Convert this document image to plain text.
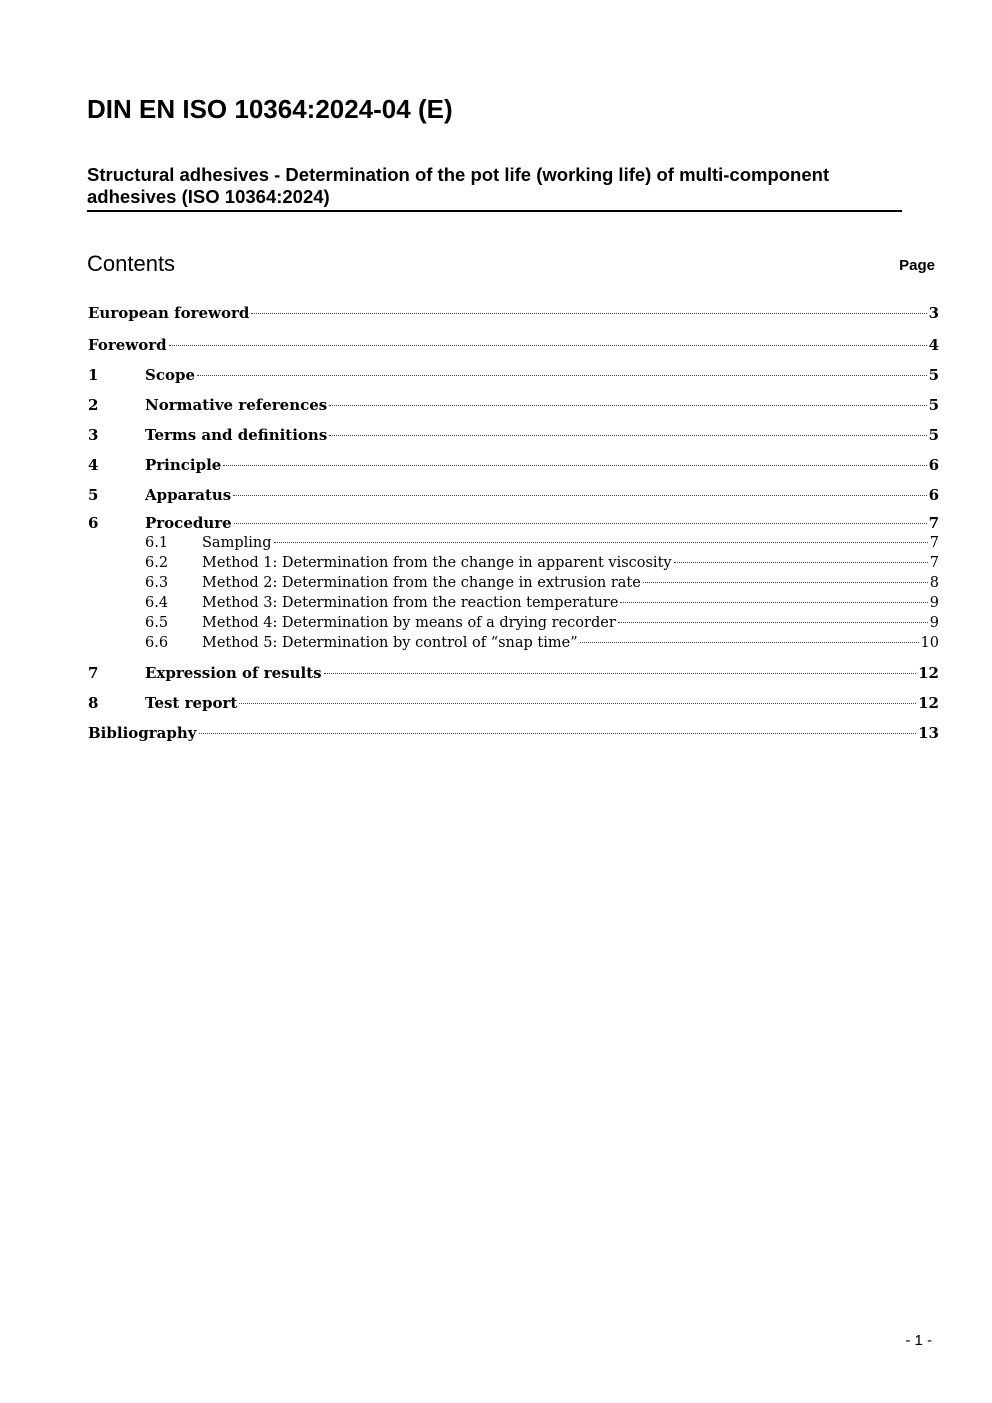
DIN EN ISO 10364:2024-04 (E)
Structural adhesives - Determination of the pot life (working life) of multi-component adhesives (ISO 10364:2024)
Contents	Page
European foreword	3
Foreword	4
1	Scope	5
2	Normative references	5
3	Terms and definitions	5
4	Principle	6
5	Apparatus	6
6	Procedure	7
6.1	Sampling	7
6.2	Method 1: Determination from the change in apparent viscosity	7
6.3	Method 2: Determination from the change in extrusion rate	8
6.4	Method 3: Determination from the reaction temperature	9
6.5	Method 4: Determination by means of a drying recorder	9
6.6	Method 5: Determination by control of “snap time”	10
7	Expression of results	12
8	Test report	12
Bibliography	13
- 1 -
